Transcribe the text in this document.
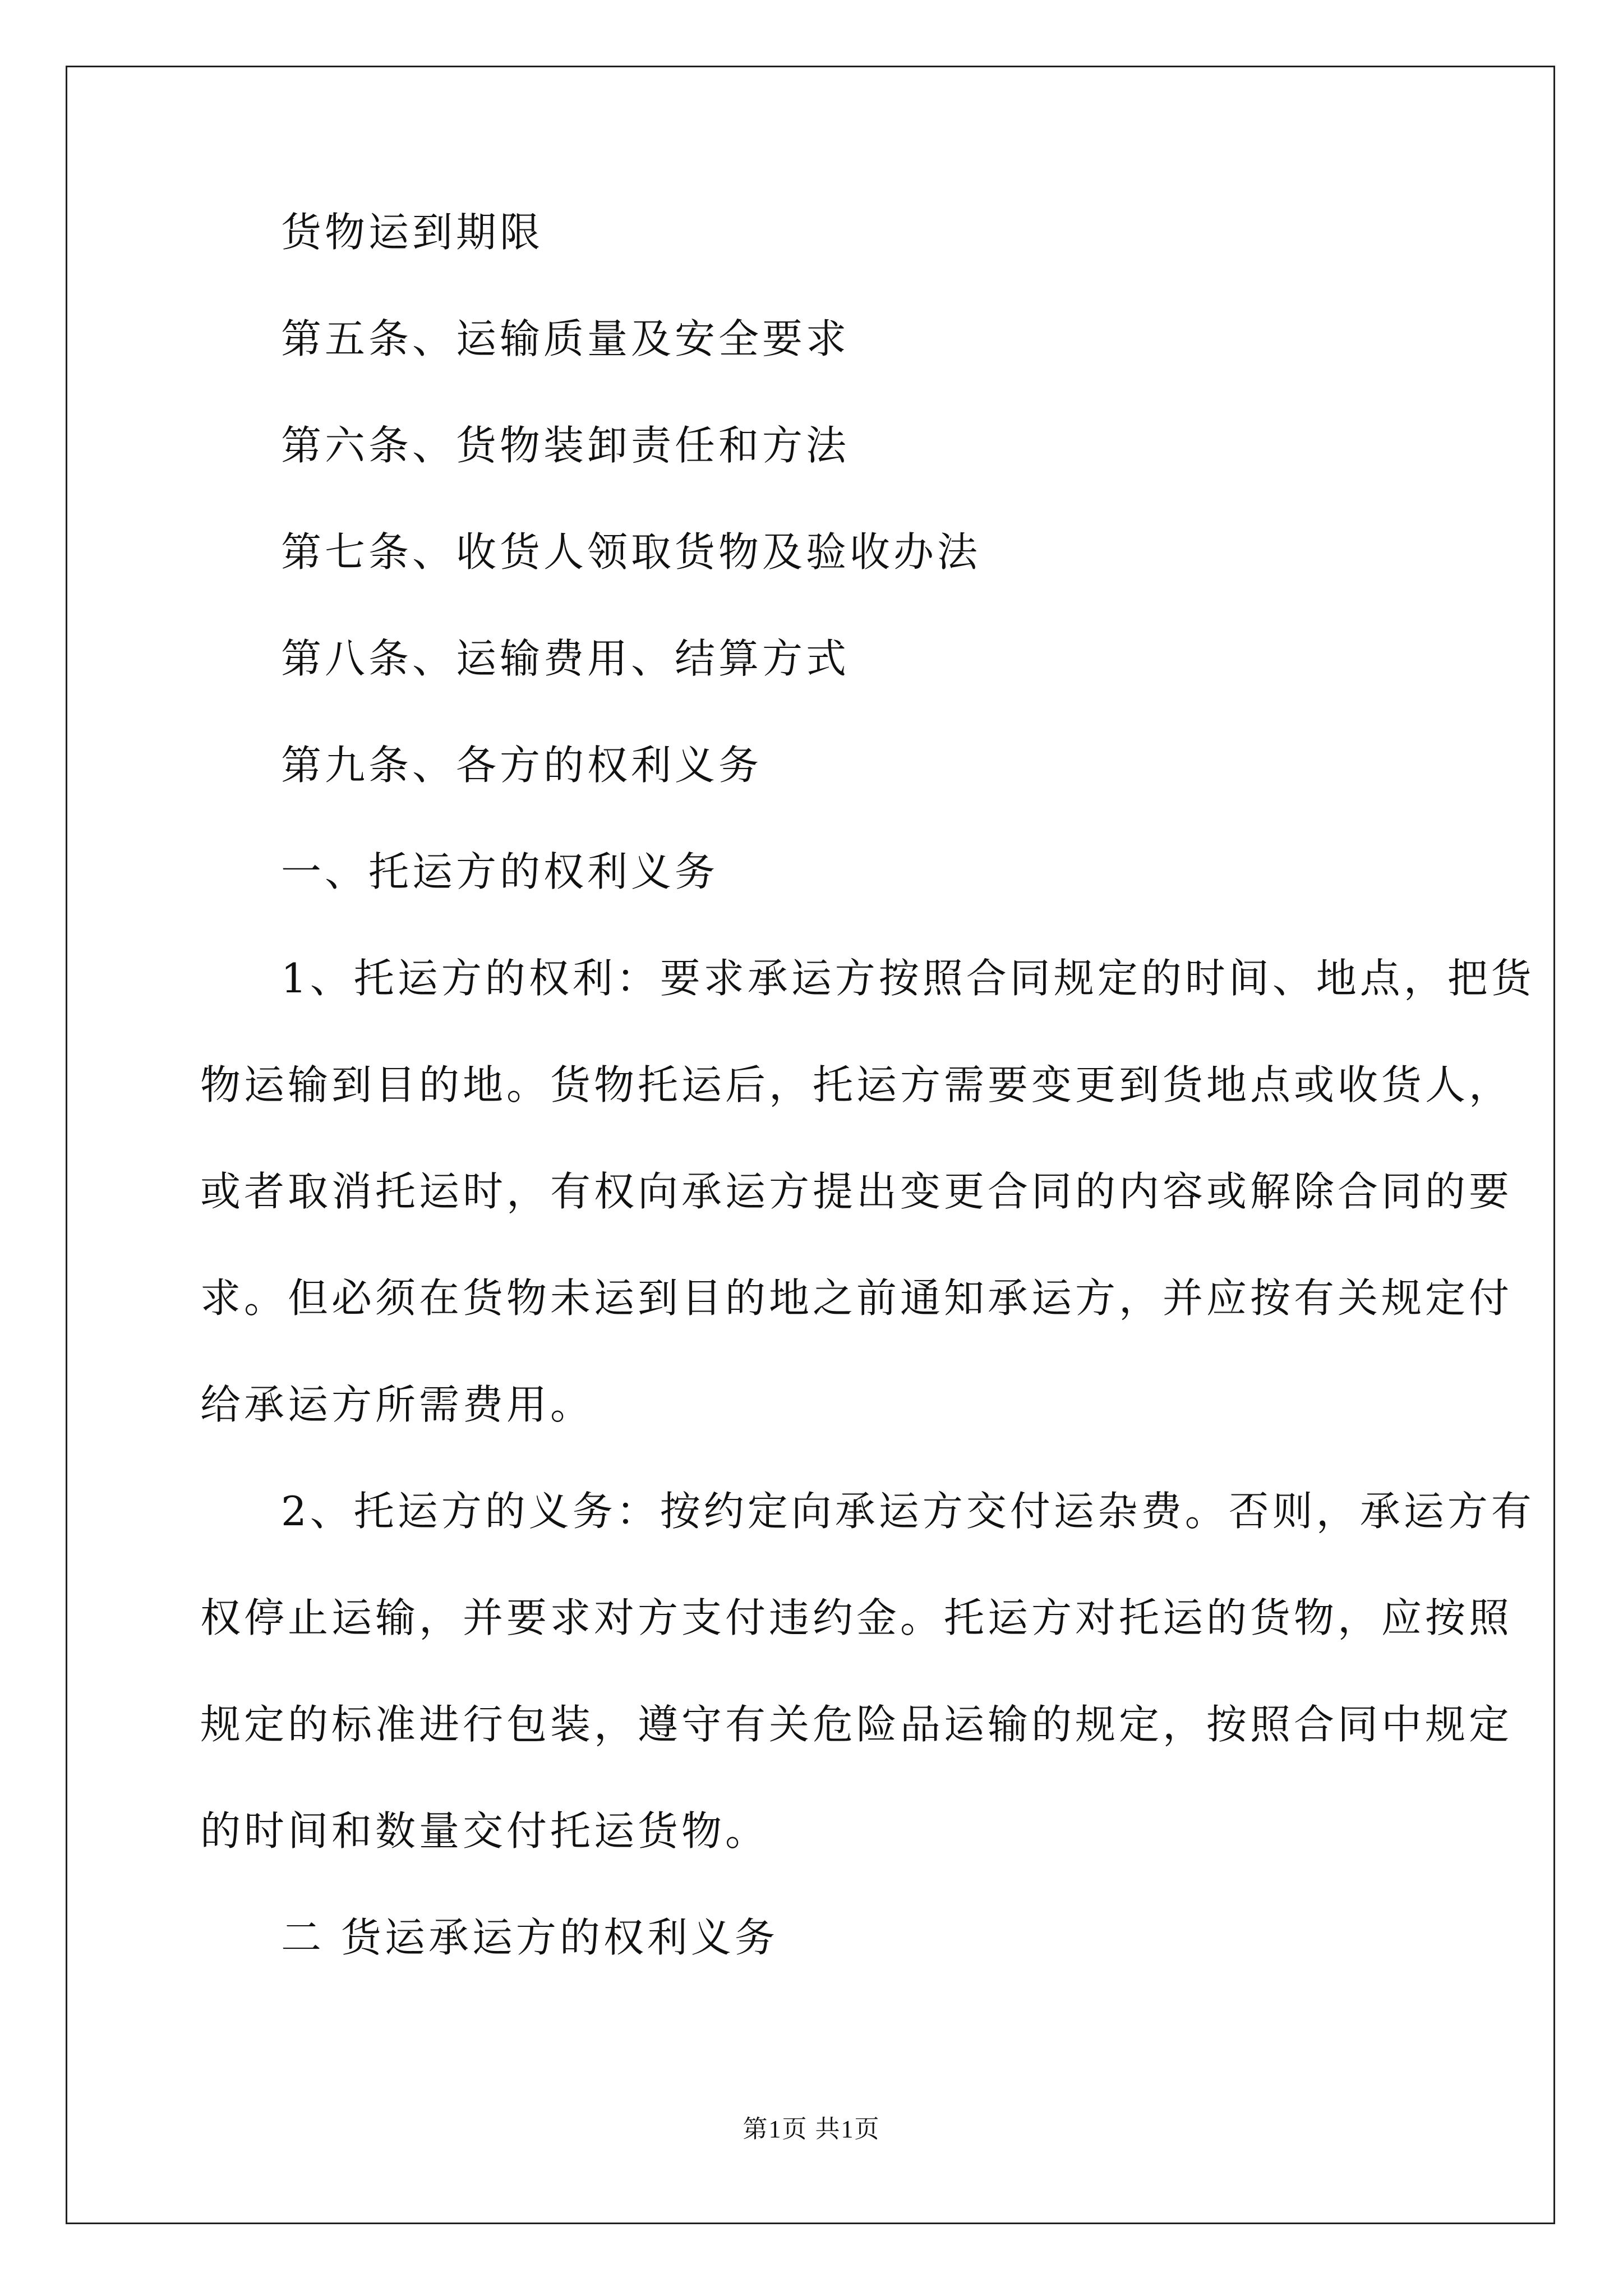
货物运到期限
第五条、运输质量及安全要求
第六条、货物装卸责任和方法
第七条、收货人领取货物及验收办法
第八条、运输费用、结算方式
第九条、各方的权利义务
一、托运方的权利义务
1、托运方的权利：要求承运方按照合同规定的时间、地点，把货
物运输到目的地。货物托运后，托运方需要变更到货地点或收货人，
或者取消托运时，有权向承运方提出变更合同的内容或解除合同的要
求。但必须在货物未运到目的地之前通知承运方，并应按有关规定付
给承运方所需费用。
2、托运方的义务：按约定向承运方交付运杂费。否则，承运方有
权停止运输，并要求对方支付违约金。托运方对托运的货物，应按照
规定的标准进行包装，遵守有关危险品运输的规定，按照合同中规定
的时间和数量交付托运货物。
二 货运承运方的权利义务
第1页 共1页
